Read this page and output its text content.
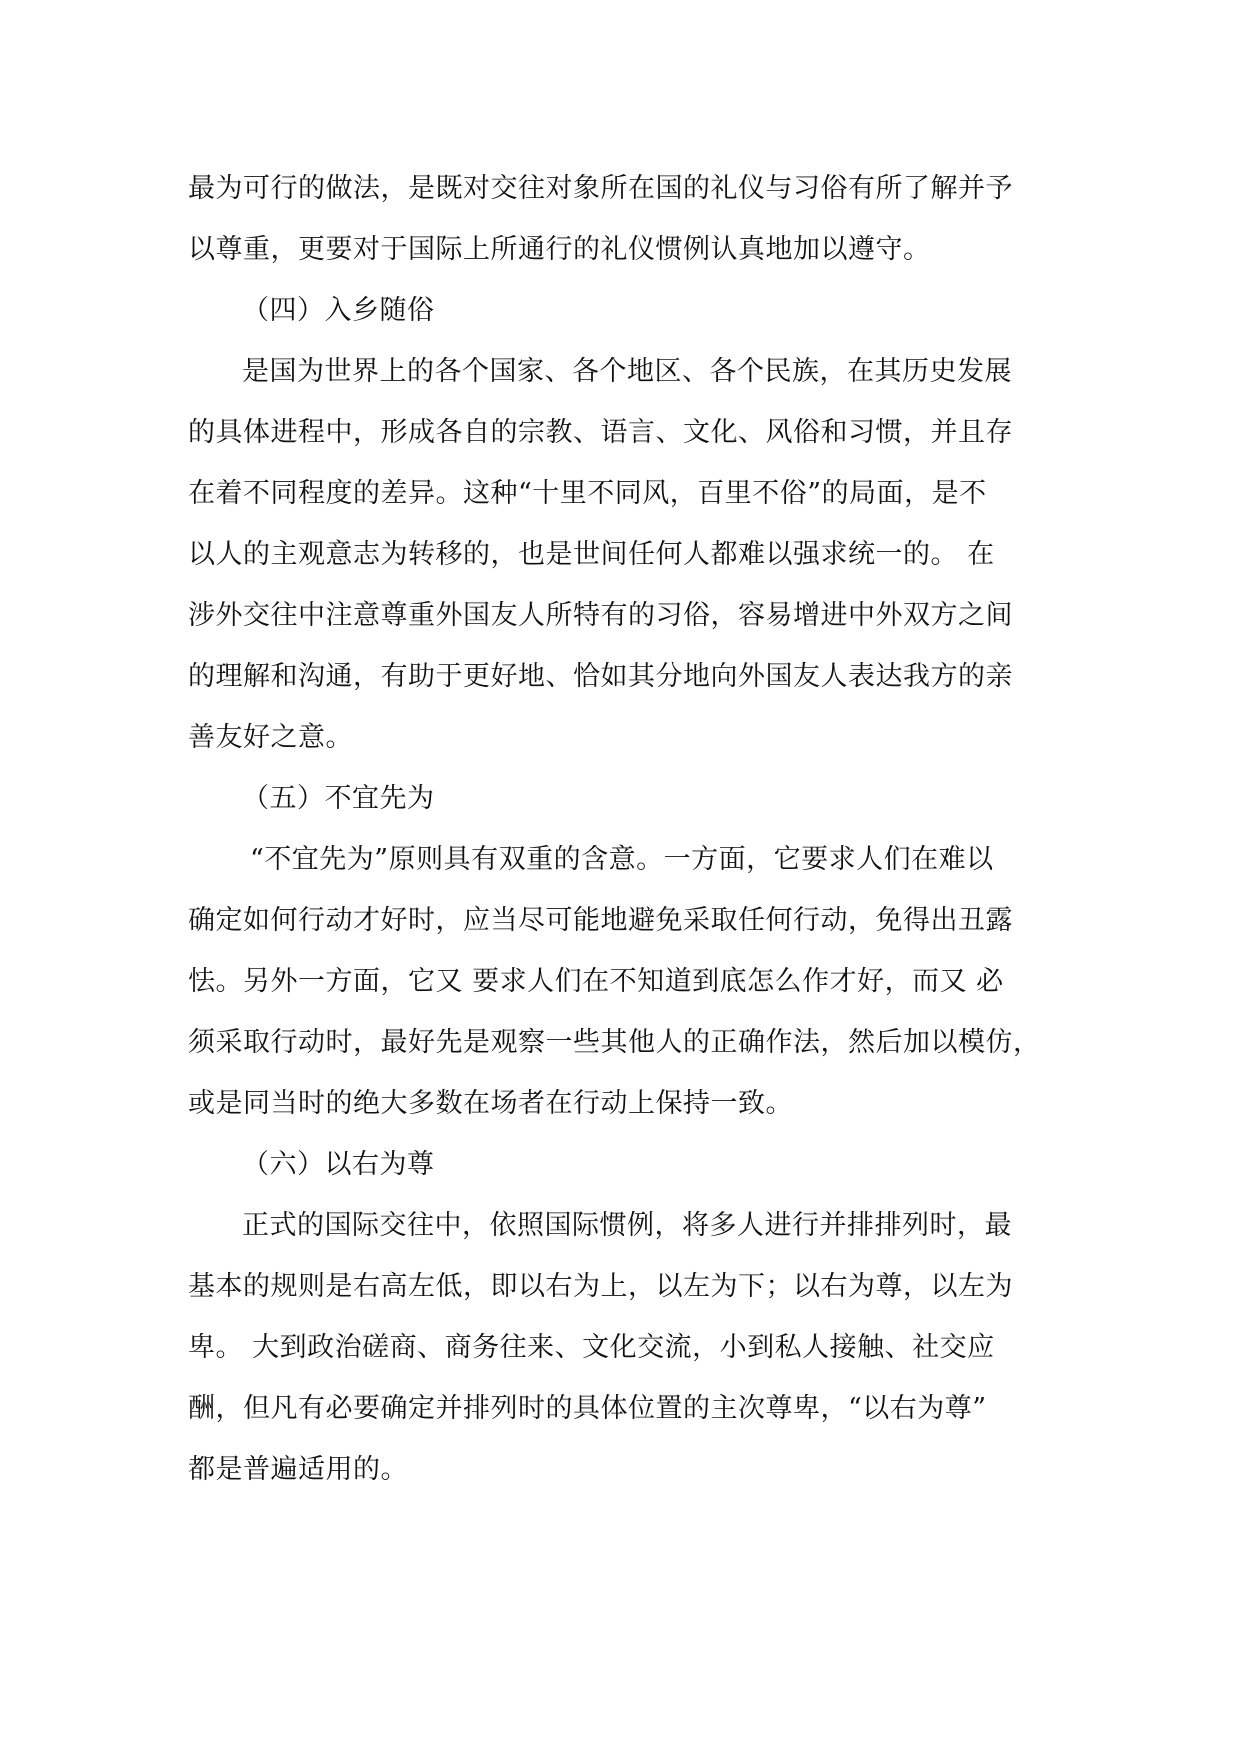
最为可行的做法，是既对交往对象所在国的礼仪与习俗有所了解并予
以尊重，更要对于国际上所通行的礼仪惯例认真地加以遵守。
（四）入乡随俗
是国为世界上的各个国家、各个地区、各个民族，在其历史发展
的具体进程中，形成各自的宗教、语言、文化、风俗和习惯，并且存
在着不同程度的差异。这种“十里不同风，百里不俗”的局面，是不
以人的主观意志为转移的，也是世间任何人都难以强求统一的。 在
涉外交往中注意尊重外国友人所特有的习俗，容易增进中外双方之间
的理解和沟通，有助于更好地、恰如其分地向外国友人表达我方的亲
善友好之意。
（五）不宜先为
“不宜先为”原则具有双重的含意。一方面，它要求人们在难以
确定如何行动才好时，应当尽可能地避免采取任何行动，免得出丑露
怯。另外一方面，它又 要求人们在不知道到底怎么作才好，而又 必
须采取行动时，最好先是观察一些其他人的正确作法，然后加以模仿，
或是同当时的绝大多数在场者在行动上保持一致。
（六）以右为尊
正式的国际交往中，依照国际惯例，将多人进行并排排列时，最
基本的规则是右高左低，即以右为上，以左为下；以右为尊，以左为
卑。 大到政治磋商、商务往来、文化交流，小到私人接触、社交应
酬，但凡有必要确定并排列时的具体位置的主次尊卑，“以右为尊”
都是普遍适用的。
